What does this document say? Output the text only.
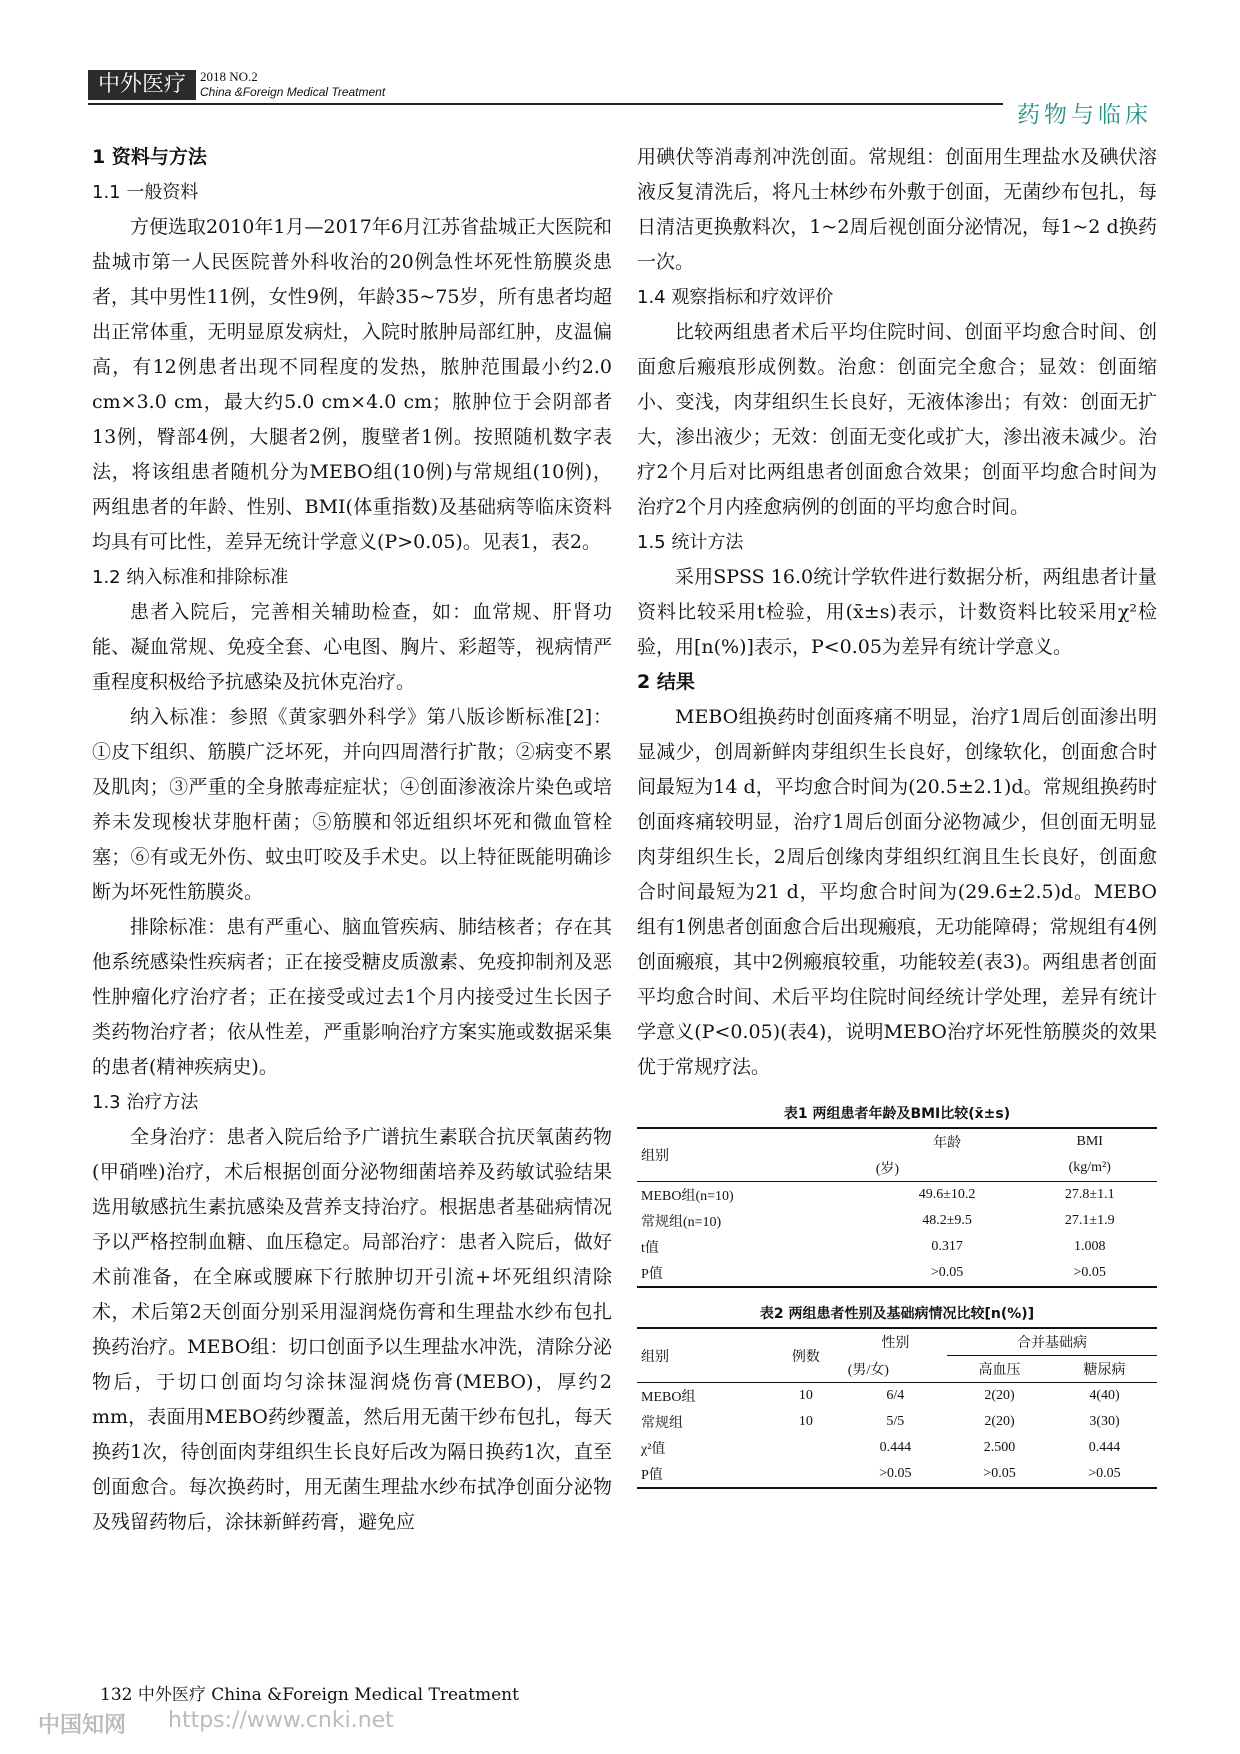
中外医疗	2018 NO.2
China &Foreign Medical Treatment
药物与临床
1 资料与方法
1.1 一般资料

方便选取2010年1月—2017年6月江苏省盐城正大医院和盐城市第一人民医院普外科收治的20例急性坏死性筋膜炎患者，其中男性11例，女性9例，年龄35~75岁，所有患者均超出正常体重，无明显原发病灶，入院时脓肿局部红肿，皮温偏高，有12例患者出现不同程度的发热，脓肿范围最小约2.0 cm×3.0 cm，最大约5.0 cm×4.0 cm；脓肿位于会阴部者13例，臀部4例，大腿者2例，腹壁者1例。按照随机数字表法，将该组患者随机分为MEBO组(10例)与常规组(10例)，两组患者的年龄、性别、BMI(体重指数)及基础病等临床资料均具有可比性，差异无统计学意义(P>0.05)。见表1，表2。

1.2 纳入标准和排除标准

患者入院后，完善相关辅助检查，如：血常规、肝肾功能、凝血常规、免疫全套、心电图、胸片、彩超等，视病情严重程度积极给予抗感染及抗休克治疗。

纳入标准：参照《黄家驷外科学》第八版诊断标准[2]：①皮下组织、筋膜广泛坏死，并向四周潜行扩散；②病变不累及肌肉；③严重的全身脓毒症症状；④创面渗液涂片染色或培养未发现梭状芽胞杆菌；⑤筋膜和邻近组织坏死和微血管栓塞；⑥有或无外伤、蚊虫叮咬及手术史。以上特征既能明确诊断为坏死性筋膜炎。

排除标准：患有严重心、脑血管疾病、肺结核者；存在其他系统感染性疾病者；正在接受糖皮质激素、免疫抑制剂及恶性肿瘤化疗治疗者；正在接受或过去1个月内接受过生长因子类药物治疗者；依从性差，严重影响治疗方案实施或数据采集的患者(精神疾病史)。

1.3 治疗方法

全身治疗：患者入院后给予广谱抗生素联合抗厌氧菌药物(甲硝唑)治疗，术后根据创面分泌物细菌培养及药敏试验结果选用敏感抗生素抗感染及营养支持治疗。根据患者基础病情况予以严格控制血糖、血压稳定。局部治疗：患者入院后，做好术前准备，在全麻或腰麻下行脓肿切开引流+坏死组织清除术，术后第2天创面分别采用湿润烧伤膏和生理盐水纱布包扎换药治疗。MEBO组：切口创面予以生理盐水冲洗，清除分泌物后，于切口创面均匀涂抹湿润烧伤膏(MEBO)，厚约2 mm，表面用MEBO药纱覆盖，然后用无菌干纱布包扎，每天换药1次，待创面肉芽组织生长良好后改为隔日换药1次，直至创面愈合。每次换药时，用无菌生理盐水纱布拭净创面分泌物及残留药物后，涂抹新鲜药膏，避免应

用碘伏等消毒剂冲洗创面。常规组：创面用生理盐水及碘伏溶液反复清洗后，将凡士林纱布外敷于创面，无菌纱布包扎，每日清洁更换敷料次，1~2周后视创面分泌情况，每1~2 d换药一次。

1.4 观察指标和疗效评价

比较两组患者术后平均住院时间、创面平均愈合时间、创面愈后瘢痕形成例数。治愈：创面完全愈合；显效：创面缩小、变浅，肉芽组织生长良好，无液体渗出；有效：创面无扩大，渗出液少；无效：创面无变化或扩大，渗出液未减少。治疗2个月后对比两组患者创面愈合效果；创面平均愈合时间为治疗2个月内痊愈病例的创面的平均愈合时间。

1.5 统计方法

采用SPSS 16.0统计学软件进行数据分析，两组患者计量资料比较采用t检验，用(x̄±s)表示，计数资料比较采用χ²检验，用[n(%)]表示，P<0.05为差异有统计学意义。

2 结果

MEBO组换药时创面疼痛不明显，治疗1周后创面渗出明显减少，创周新鲜肉芽组织生长良好，创缘软化，创面愈合时间最短为14 d，平均愈合时间为(20.5±2.1)d。常规组换药时创面疼痛较明显，治疗1周后创面分泌物减少，但创面无明显肉芽组织生长，2周后创缘肉芽组织红润且生长良好，创面愈合时间最短为21 d，平均愈合时间为(29.6±2.5)d。MEBO组有1例患者创面愈合后出现瘢痕，无功能障碍；常规组有4例创面瘢痕，其中2例瘢痕较重，功能较差(表3)。两组患者创面平均愈合时间、术后平均住院时间经统计学处理，差异有统计学意义(P<0.05)(表4)，说明MEBO治疗坏死性筋膜炎的效果优于常规疗法。

表1 两组患者年龄及BMI比较(x̄±s)
组别	年龄	BMI
	(岁)	(kg/m²)
MEBO组(n=10)	49.6±10.2	27.8±1.1
常规组(n=10)	48.2±9.5	27.1±1.9
t值	0.317	1.008
P值	>0.05	>0.05
表2 两组患者性别及基础病情况比较[n(%)]
组别	例数	性别	合并基础病	
		(男/女)	高血压	糖尿病
MEBO组	10	6/4	2(20)	4(40)
常规组	10	5/5	2(20)	3(30)
χ²值		0.444	2.500	0.444
P值		>0.05	>0.05	>0.05
132 中外医疗 China &Foreign Medical Treatment
中国知网 https://www.cnki.net
